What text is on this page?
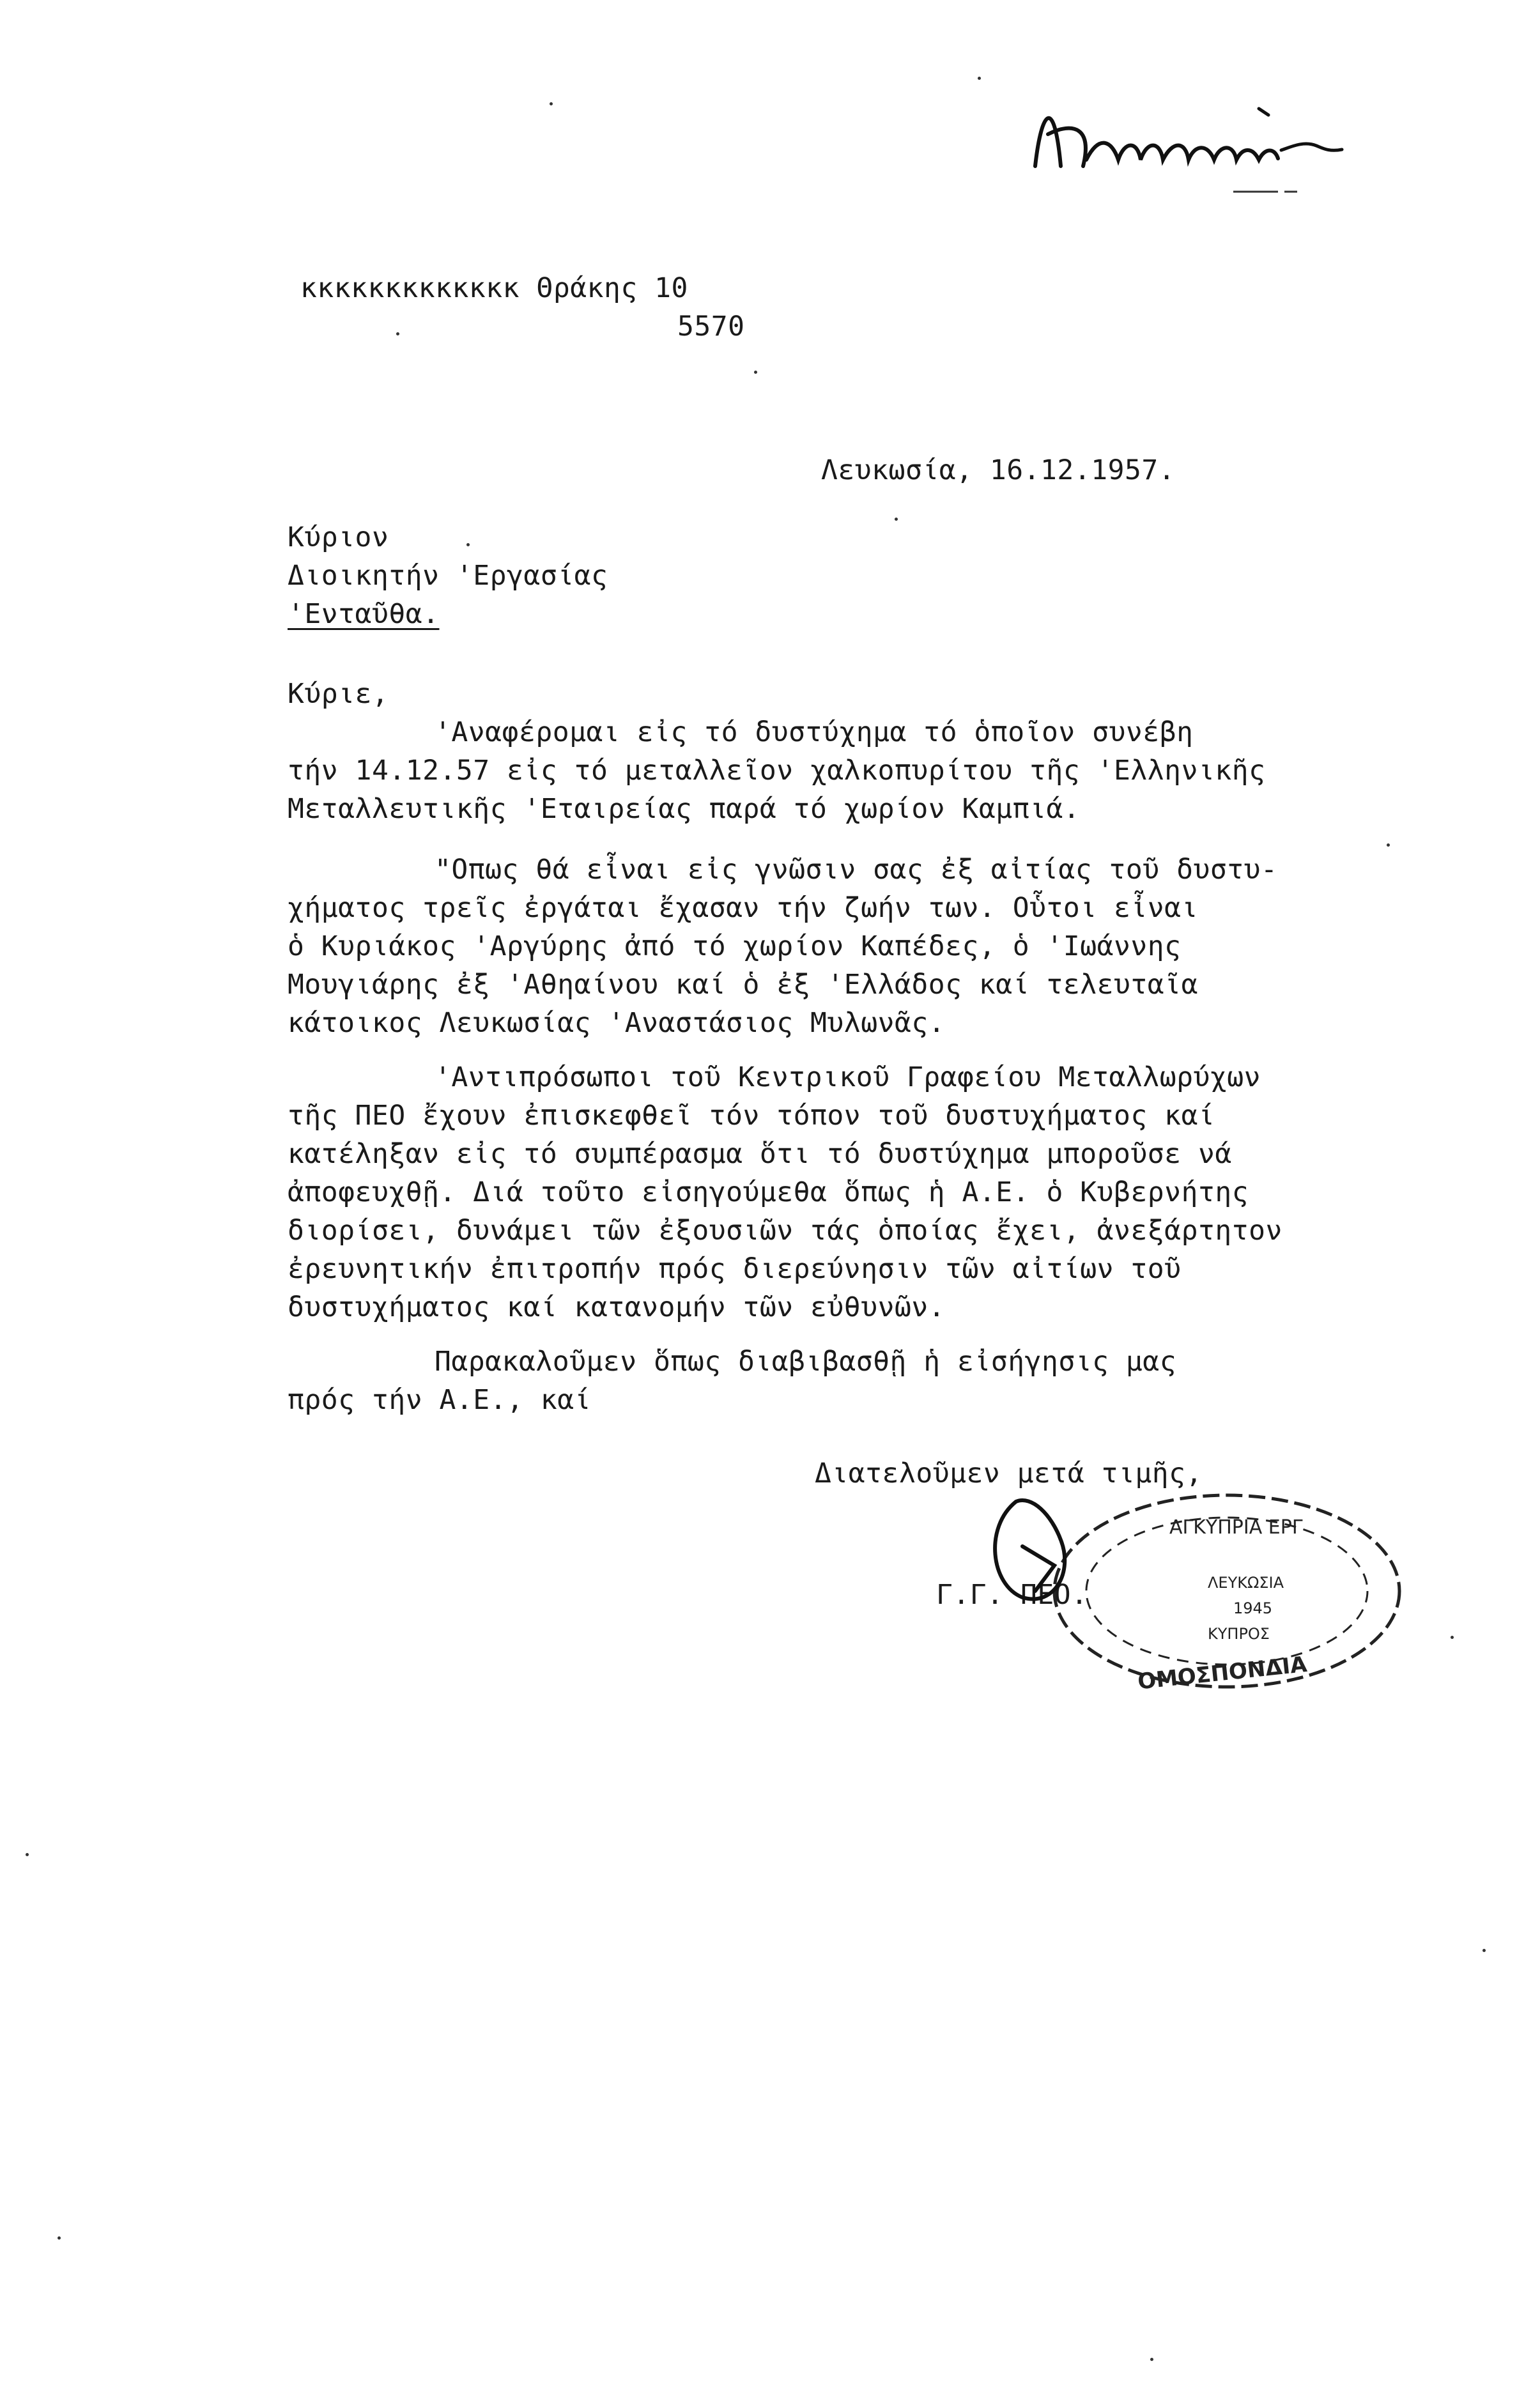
κκκκκκκκκκκκκ Θράκης 10
5570
Λευκωσία, 16.12.1957.
Κύριον
Διοικητήν 'Εργασίας
'Ενταῦθα.
Κύριε,
'Αναφέρομαι εἰς τό δυστύχημα τό ὁποῖον συνέβη
τήν 14.12.57 εἰς τό μεταλλεῖον χαλκοπυρίτου τῆς 'Ελληνικῆς
Μεταλλευτικῆς 'Εταιρείας παρά τό χωρίον Καμπιά.
"Οπως θά εἶναι εἰς γνῶσιν σας ἐξ αἰτίας τοῦ δυστυ-
χήματος τρεῖς ἐργάται ἔχασαν τήν ζωήν των. Οὗτοι εἶναι
ὁ Κυριάκος 'Αργύρης ἀπό τό χωρίον Καπέδες, ὁ 'Ιωάννης
Μουγιάρης ἐξ 'Αθηαίνου καί ὁ ἐξ 'Ελλάδος καί τελευταῖα
κάτοικος Λευκωσίας 'Αναστάσιος Μυλωνᾶς.
'Αντιπρόσωποι τοῦ Κεντρικοῦ Γραφείου Μεταλλωρύχων
τῆς ΠΕΟ ἔχουν ἐπισκεφθεῖ τόν τόπον τοῦ δυστυχήματος καί
κατέληξαν εἰς τό συμπέρασμα ὅτι τό δυστύχημα μποροῦσε νά
ἀποφευχθῇ. Διά τοῦτο εἰσηγούμεθα ὅπως ἡ Α.Ε. ὁ Κυβερνήτης
διορίσει, δυνάμει τῶν ἐξουσιῶν τάς ὁποίας ἔχει, ἀνεξάρτητον
ἐρευνητικήν ἐπιτροπήν πρός διερεύνησιν τῶν αἰτίων τοῦ
δυστυχήματος καί κατανομήν τῶν εὐθυνῶν.
Παρακαλοῦμεν ὅπως διαβιβασθῇ ἡ εἰσήγησις μας
πρός τήν Α.Ε., καί
Διατελοῦμεν μετά τιμῆς,
Γ.Γ. ΠΕΟ.
ΑΓΚΥΠΡΙΑ ΕΡΓ
ΛΕΥΚΩΣΙΑ
1945
ΚΥΠΡΟΣ
ΟΜΟΣΠΟΝΔΙΑ
